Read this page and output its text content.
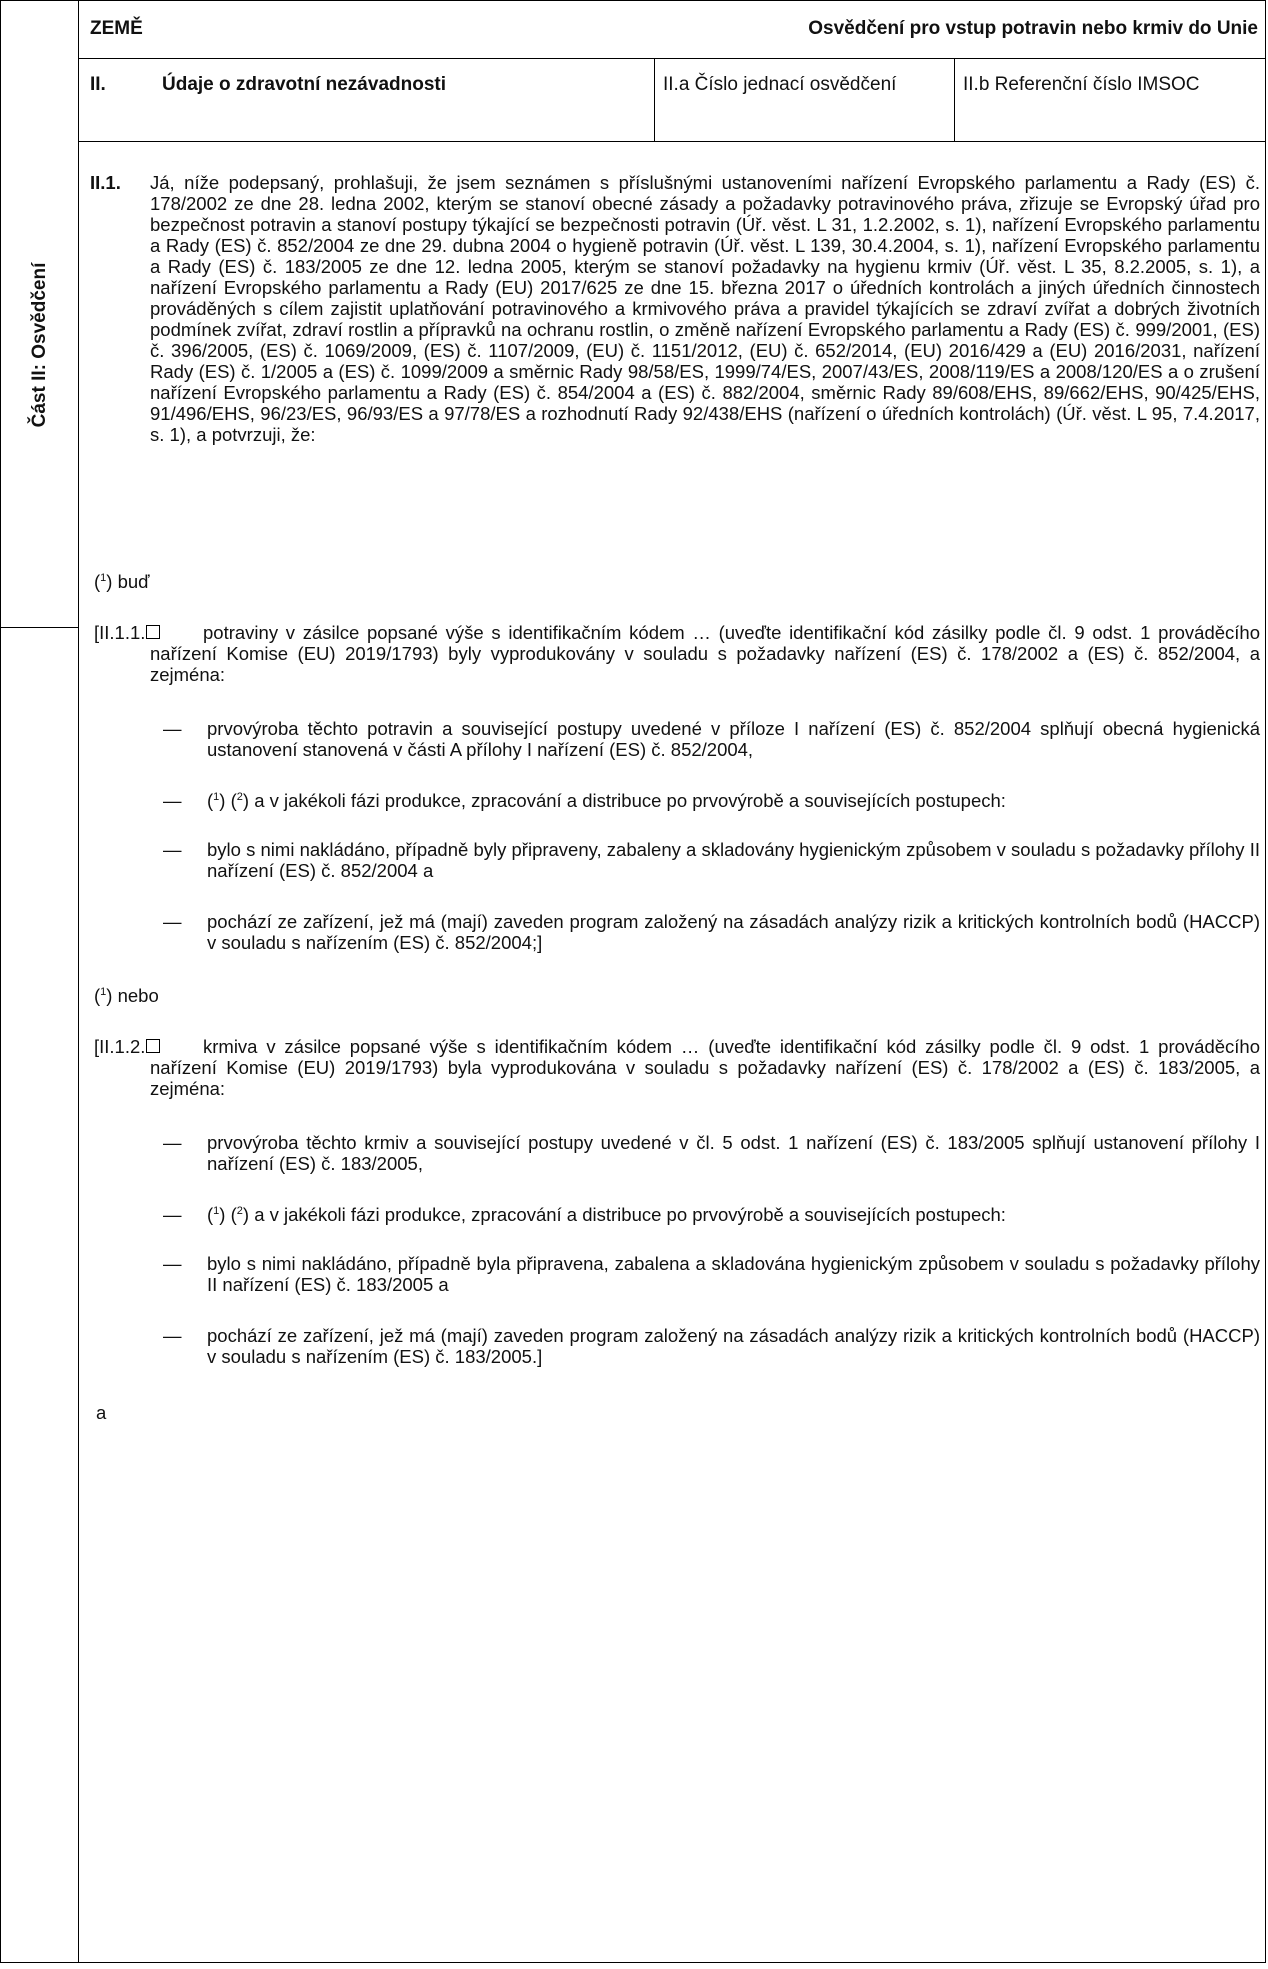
Část II: Osvědčení
ZEMĚ	Osvědčení pro vstup potravin nebo krmiv do Unie
II.	Údaje o zdravotní nezávadnosti	II.a Číslo jednací osvědčení	II.b Referenční číslo IMSOC
II.1. Já, níže podepsaný, prohlašuji, že jsem seznámen s příslušnými ustanoveními nařízení Evropského parlamentu a Rady (ES) č. 178/2002 ze dne 28. ledna 2002, kterým se stanoví obecné zásady a požadavky potravinového práva, zřizuje se Evropský úřad pro bezpečnost potravin a stanoví postupy týkající se bezpečnosti potravin (Úř. věst. L 31, 1.2.2002, s. 1), nařízení Evropského parlamentu a Rady (ES) č. 852/2004 ze dne 29. dubna 2004 o hygieně potravin (Úř. věst. L 139, 30.4.2004, s. 1), nařízení Evropského parlamentu a Rady (ES) č. 183/2005 ze dne 12. ledna 2005, kterým se stanoví požadavky na hygienu krmiv (Úř. věst. L 35, 8.2.2005, s. 1), a nařízení Evropského parlamentu a Rady (EU) 2017/625 ze dne 15. března 2017 o úředních kontrolách a jiných úředních činnostech prováděných s cílem zajistit uplatňování potravinového a krmivového práva a pravidel týkajících se zdraví zvířat a dobrých životních podmínek zvířat, zdraví rostlin a přípravků na ochranu rostlin, o změně nařízení Evropského parlamentu a Rady (ES) č. 999/2001, (ES) č. 396/2005, (ES) č. 1069/2009, (ES) č. 1107/2009, (EU) č. 1151/2012, (EU) č. 652/2014, (EU) 2016/429 a (EU) 2016/2031, nařízení Rady (ES) č. 1/2005 a (ES) č. 1099/2009 a směrnic Rady 98/58/ES, 1999/74/ES, 2007/43/ES, 2008/119/ES a 2008/120/ES a o zrušení nařízení Evropského parlamentu a Rady (ES) č. 854/2004 a (ES) č. 882/2004, směrnic Rady 89/608/EHS, 89/662/EHS, 90/425/EHS, 91/496/EHS, 96/23/ES, 96/93/ES a 97/78/ES a rozhodnutí Rady 92/438/EHS (nařízení o úředních kontrolách) (Úř. věst. L 95, 7.4.2017, s. 1), a potvrzuji, že:
($^1$) buď
[II.1.1.	potraviny v zásilce popsané výše s identifikačním kódem … (uveďte identifikační kód zásilky podle čl. 9 odst. 1 prováděcího nařízení Komise (EU) 2019/1793) byly vyprodukovány v souladu s požadavky nařízení (ES) č. 178/2002 a (ES) č. 852/2004, a zejména:
— prvovýroba těchto potravin a související postupy uvedené v příloze I nařízení (ES) č. 852/2004 splňují obecná hygienická ustanovení stanovená v části A přílohy I nařízení (ES) č. 852/2004,
— ($^1$) ($^2$) a v jakékoli fázi produkce, zpracování a distribuce po prvovýrobě a souvisejících postupech:
— bylo s nimi nakládáno, případně byly připraveny, zabaleny a skladovány hygienickým způsobem v souladu s požadavky přílohy II nařízení (ES) č. 852/2004 a
— pochází ze zařízení, jež má (mají) zaveden program založený na zásadách analýzy rizik a kritických kontrolních bodů (HACCP) v souladu s nařízením (ES) č. 852/2004;]
($^1$) nebo
[II.1.2.	krmiva v zásilce popsané výše s identifikačním kódem … (uveďte identifikační kód zásilky podle čl. 9 odst. 1 prováděcího nařízení Komise (EU) 2019/1793) byla vyprodukována v souladu s požadavky nařízení (ES) č. 178/2002 a (ES) č. 183/2005, a zejména:
— prvovýroba těchto krmiv a související postupy uvedené v čl. 5 odst. 1 nařízení (ES) č. 183/2005 splňují ustanovení přílohy I nařízení (ES) č. 183/2005,
— ($^1$) ($^2$) a v jakékoli fázi produkce, zpracování a distribuce po prvovýrobě a souvisejících postupech:
— bylo s nimi nakládáno, případně byla připravena, zabalena a skladována hygienickým způsobem v souladu s požadavky přílohy II nařízení (ES) č. 183/2005 a
— pochází ze zařízení, jež má (mají) zaveden program založený na zásadách analýzy rizik a kritických kontrolních bodů (HACCP) v souladu s nařízením (ES) č. 183/2005.]
a
